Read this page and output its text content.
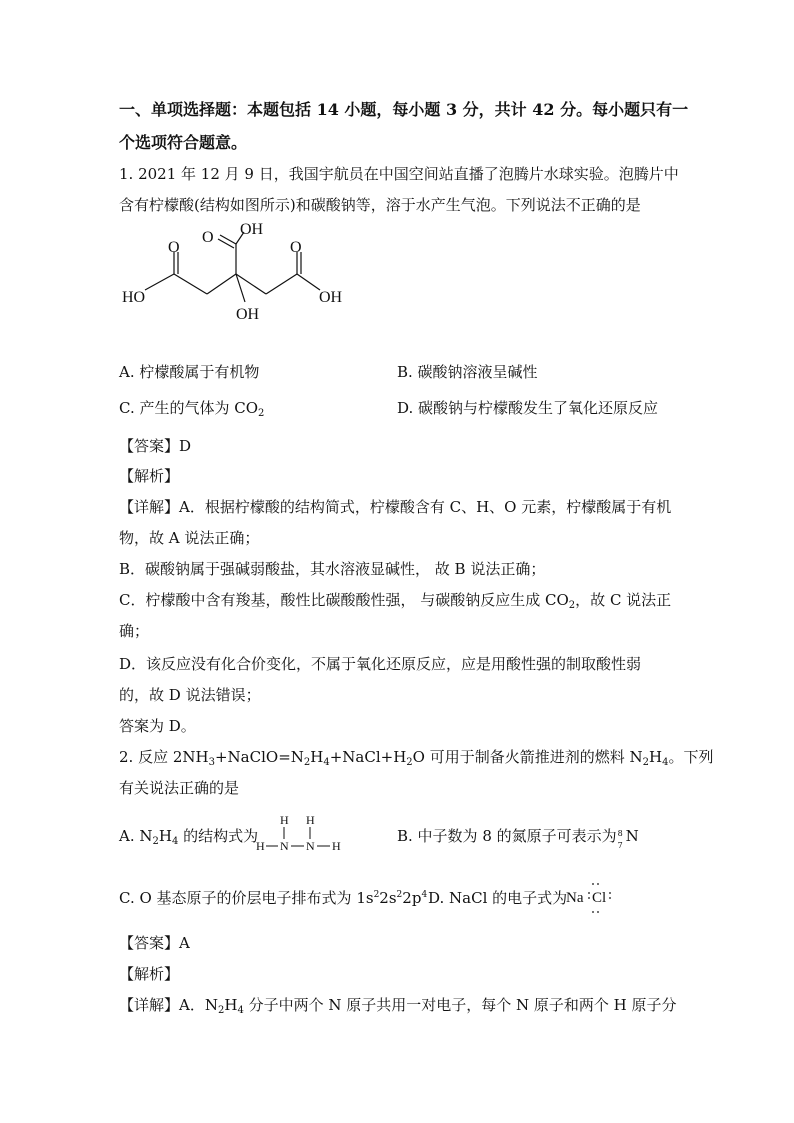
一、单项选择题：本题包括 14 小题，每小题 3 分，共计 42 分。每小题只有一
个选项符合题意。
1. 2021 年 12 月 9 日，我国宇航员在中国空间站直播了泡腾片水球实验。泡腾片中
含有柠檬酸(结构如图所示)和碳酸钠等，溶于水产生气泡。下列说法不正确的是
O
O OH
O
HO	OH
OH
A. 柠檬酸属于有机物	B. 碳酸钠溶液呈碱性
C. 产生的气体为 $CO_2$	D. 碳酸钠与柠檬酸发生了氧化还原反应
【答案】D
【解析】
【详解】A．根据柠檬酸的结构简式，柠檬酸含有 C、H、O 元素，柠檬酸属于有机
物，故 A 说法正确；
B．碳酸钠属于强碱弱酸盐，其水溶液显碱性， 故 B 说法正确；
C．柠檬酸中含有羧基，酸性比碳酸酸性强， 与碳酸钠反应生成 $CO_2$，故 C 说法正
确；
D．该反应没有化合价变化，不属于氧化还原反应，应是用酸性强的制取酸性弱
的，故 D 说法错误；
答案为 D。
2. 反应 $2NH_3+NaClO=N_2H_4+NaCl+H_2O$ 可用于制备火箭推进剂的燃料 $N_2H_4$。下列
有关说法正确的是
A. $N_2H_4$ 的结构式为
H H
H N N H
B. 中子数为 8 的氮原子可表示为 8
7
N
C. O 基态原子的价层电子排布式为 $1s^22s^22p^4$ D. NaCl 的电子式为
Na Cl
【答案】A
【解析】
【详解】A．$N_2H_4$ 分子中两个 N 原子共用一对电子，每个 N 原子和两个 H 原子分
